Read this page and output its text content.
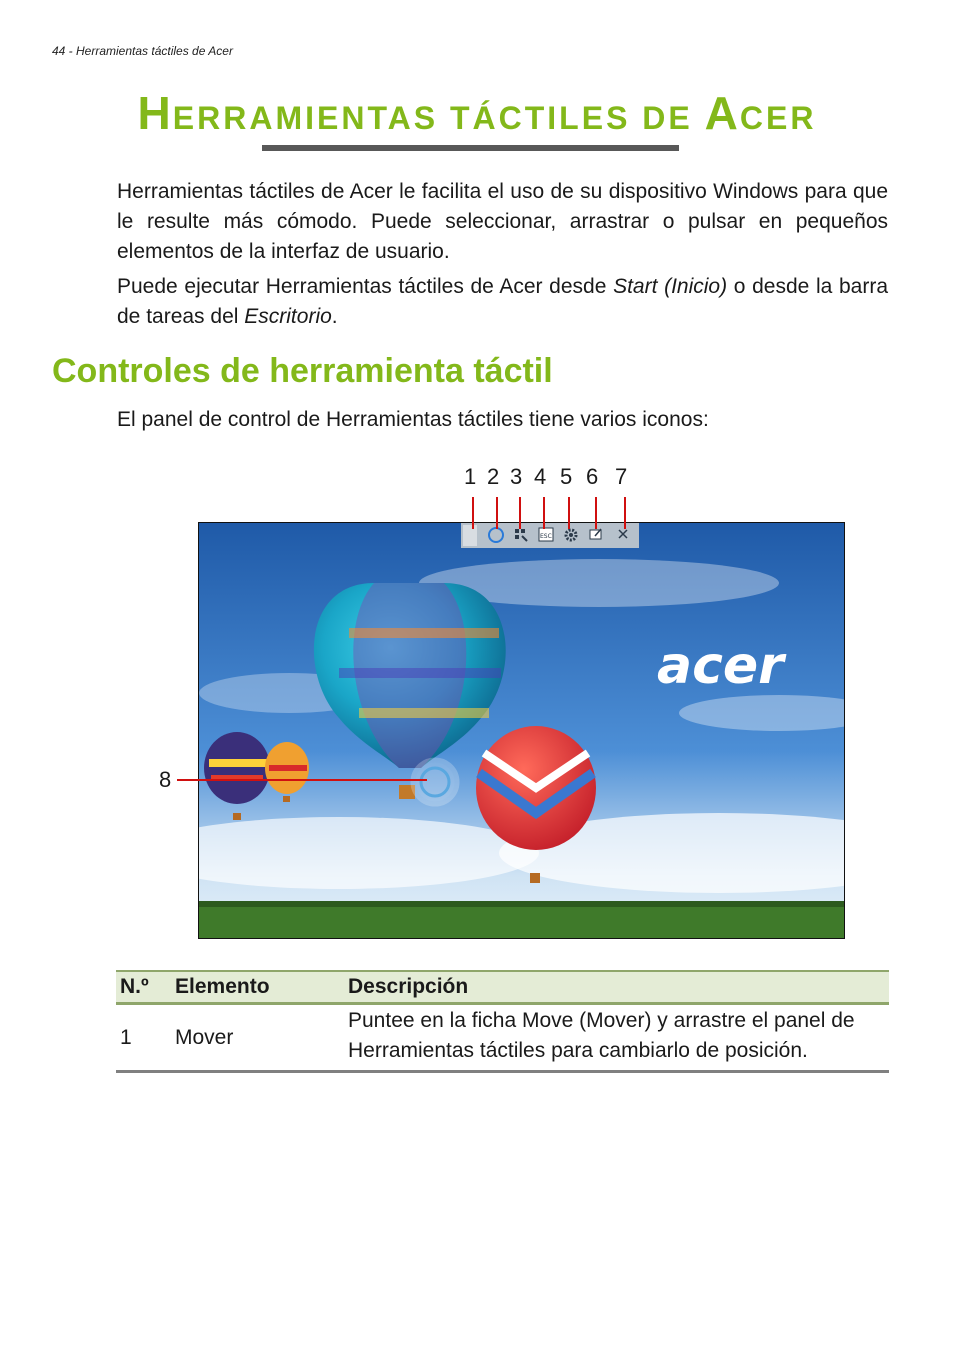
44 - Herramientas táctiles de Acer
HERRAMIENTAS TÁCTILES DE ACER
Herramientas táctiles de Acer le facilita el uso de su dispositivo Windows para que le resulte más cómodo. Puede seleccionar, arrastrar o pulsar en pequeños elementos de la interfaz de usuario.
Puede ejecutar Herramientas táctiles de Acer desde Start (Inicio) o desde la barra de tareas del Escritorio.
Controles de herramienta táctil
El panel de control de Herramientas táctiles tiene varios iconos:
1 2 3 4 5 6 7
acer
ESC
8
N.º	Elemento	Descripción
1	Mover	Puntee en la ficha Move (Mover) y arrastre el panel de Herramientas táctiles para cambiarlo de posición.
